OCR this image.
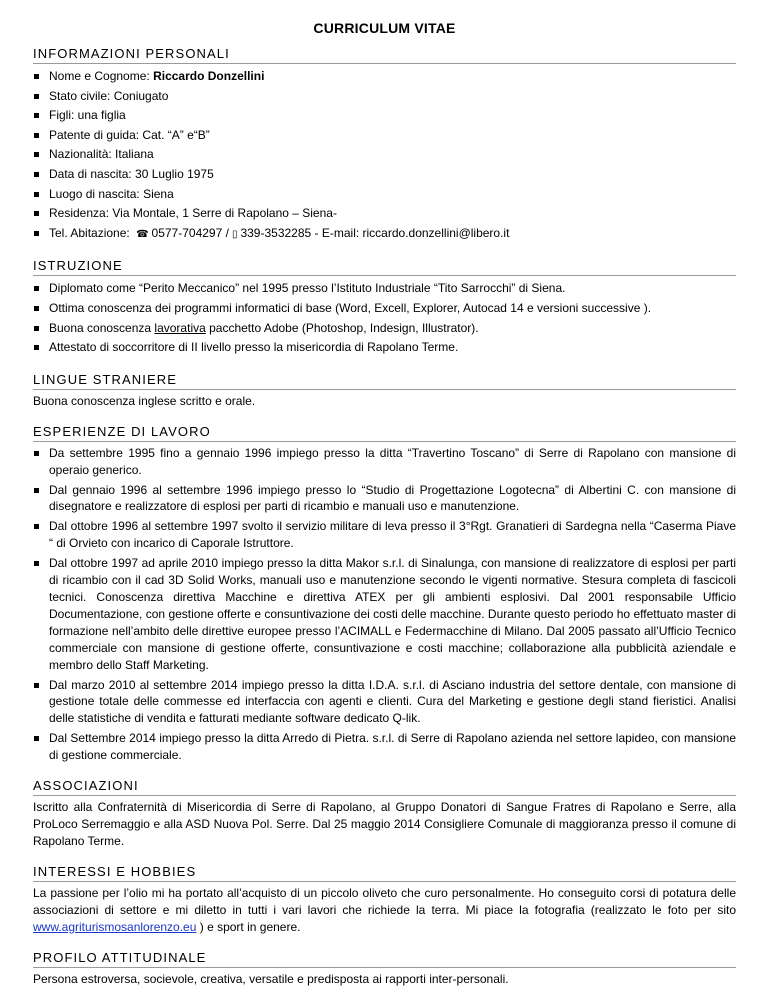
CURRICULUM VITAE
INFORMAZIONI PERSONALI
Nome e Cognome: Riccardo Donzellini
Stato civile: Coniugato
Figli: una figlia
Patente di guida: Cat. “A” e“B”
Nazionalità: Italiana
Data di nascita: 30 Luglio 1975
Luogo di nascita: Siena
Residenza: Via Montale, 1 Serre di Rapolano – Siena-
Tel. Abitazione: ☎ 0577-704297 / ▯ 339-3532285 - E-mail: riccardo.donzellini@libero.it
ISTRUZIONE
Diplomato come “Perito Meccanico” nel 1995 presso l’Istituto Industriale “Tito Sarrocchi” di Siena.
Ottima conoscenza dei programmi informatici di base (Word, Excell, Explorer, Autocad 14 e versioni successive ).
Buona conoscenza lavorativa pacchetto Adobe (Photoshop, Indesign, Illustrator).
Attestato di soccorritore di II livello presso la misericordia di Rapolano Terme.
LINGUE STRANIERE

Buona conoscenza inglese scritto e orale.

ESPERIENZE DI LAVORO
Da settembre 1995 fino a gennaio 1996 impiego presso la ditta “Travertino Toscano” di Serre di Rapolano con mansione di operaio generico.
Dal gennaio 1996 al settembre 1996 impiego presso lo “Studio di Progettazione Logotecna” di Albertini C. con mansione di disegnatore e realizzatore di esplosi per parti di ricambio e manuali uso e manutenzione.
Dal ottobre 1996 al settembre 1997 svolto il servizio militare di leva presso il 3°Rgt. Granatieri di Sardegna nella “Caserma Piave “ di Orvieto con incarico di Caporale Istruttore.
Dal ottobre 1997 ad aprile 2010 impiego presso la ditta Makor s.r.l. di Sinalunga, con mansione di realizzatore di esplosi per parti di ricambio con il cad 3D Solid Works, manuali uso e manutenzione secondo le vigenti normative. Stesura completa di fascicoli tecnici. Conoscenza direttiva Macchine e direttiva ATEX per gli ambienti esplosivi. Dal 2001 responsabile Ufficio Documentazione, con gestione offerte e consuntivazione dei costi delle macchine. Durante questo periodo ho effettuato master di formazione nell’ambito delle direttive europee presso l’ACIMALL e Federmacchine di Milano. Dal 2005 passato all’Ufficio Tecnico commerciale con mansione di gestione offerte, consuntivazione e costi macchine; collaborazione alla pubblicità aziendale e membro dello Staff Marketing.
Dal marzo 2010 al settembre 2014 impiego presso la ditta I.D.A. s.r.l. di Asciano industria del settore dentale, con mansione di gestione totale delle commesse ed interfaccia con agenti e clienti. Cura del Marketing e gestione degli stand fieristici. Analisi delle statistiche di vendita e fatturati mediante software dedicato Q-lik.
Dal Settembre 2014 impiego presso la ditta Arredo di Pietra. s.r.l. di Serre di Rapolano azienda nel settore lapideo, con mansione di gestione commerciale.
ASSOCIAZIONI

Iscritto alla Confraternità di Misericordia di Serre di Rapolano, al Gruppo Donatori di Sangue Fratres di Rapolano e Serre, alla ProLoco Serremaggio e alla ASD Nuova Pol. Serre. Dal 25 maggio 2014 Consigliere Comunale di maggioranza presso il comune di Rapolano Terme.

INTERESSI E HOBBIES

La passione per l’olio mi ha portato all’acquisto di un piccolo oliveto che curo personalmente. Ho conseguito corsi di potatura delle associazioni di settore e mi diletto in tutti i vari lavori che richiede la terra. Mi piace la fotografia (realizzato le foto per sito www.agriturismosanlorenzo.eu ) e sport in genere.

PROFILO ATTITUDINALE

Persona estroversa, socievole, creativa, versatile e predisposta ai rapporti inter-personali.
